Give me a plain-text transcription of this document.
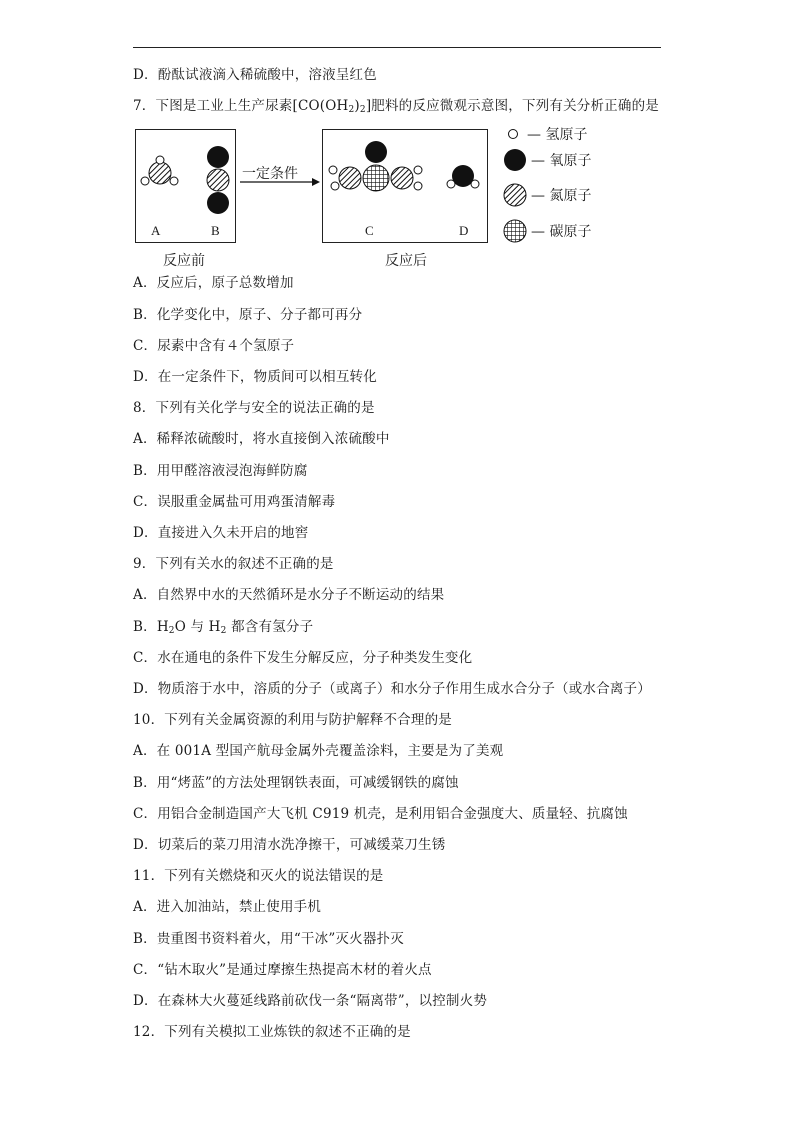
D．酚酞试液滴入稀硫酸中，溶液呈红色
7．下图是工业上生产尿素$[CO(OH_2)_2]$肥料的反应微观示意图，下列有关分析正确的是
A	B
一定条件
C	D
反应前	反应后
— 氢原子
— 氧原子
— 氮原子
— 碳原子
A．反应后，原子总数增加
B．化学变化中，原子、分子都可再分
C．尿素中含有４个氢原子
D．在一定条件下，物质间可以相互转化
8．下列有关化学与安全的说法正确的是
A．稀释浓硫酸时，将水直接倒入浓硫酸中
B．用甲醛溶液浸泡海鲜防腐
C．误服重金属盐可用鸡蛋清解毒
D．直接进入久未开启的地窖
9．下列有关水的叙述不正确的是
A．自然界中水的天然循环是水分子不断运动的结果
B．$H_2O$ 与 $H_2$ 都含有氢分子
C．水在通电的条件下发生分解反应，分子种类发生变化
D．物质溶于水中，溶质的分子（或离子）和水分子作用生成水合分子（或水合离子）
10．下列有关金属资源的利用与防护解释不合理的是
A．在 001A 型国产航母金属外壳覆盖涂料，主要是为了美观
B．用“烤蓝”的方法处理钢铁表面，可减缓钢铁的腐蚀
C．用铝合金制造国产大飞机 C919 机壳，是利用铝合金强度大、质量轻、抗腐蚀
D．切菜后的菜刀用清水洗净擦干，可减缓菜刀生锈
11．下列有关燃烧和灭火的说法错误的是
A．进入加油站，禁止使用手机
B．贵重图书资料着火，用“干冰”灭火器扑灭
C．“钻木取火”是通过摩擦生热提高木材的着火点
D．在森林大火蔓延线路前砍伐一条“隔离带”，以控制火势
12．下列有关模拟工业炼铁的叙述不正确的是
